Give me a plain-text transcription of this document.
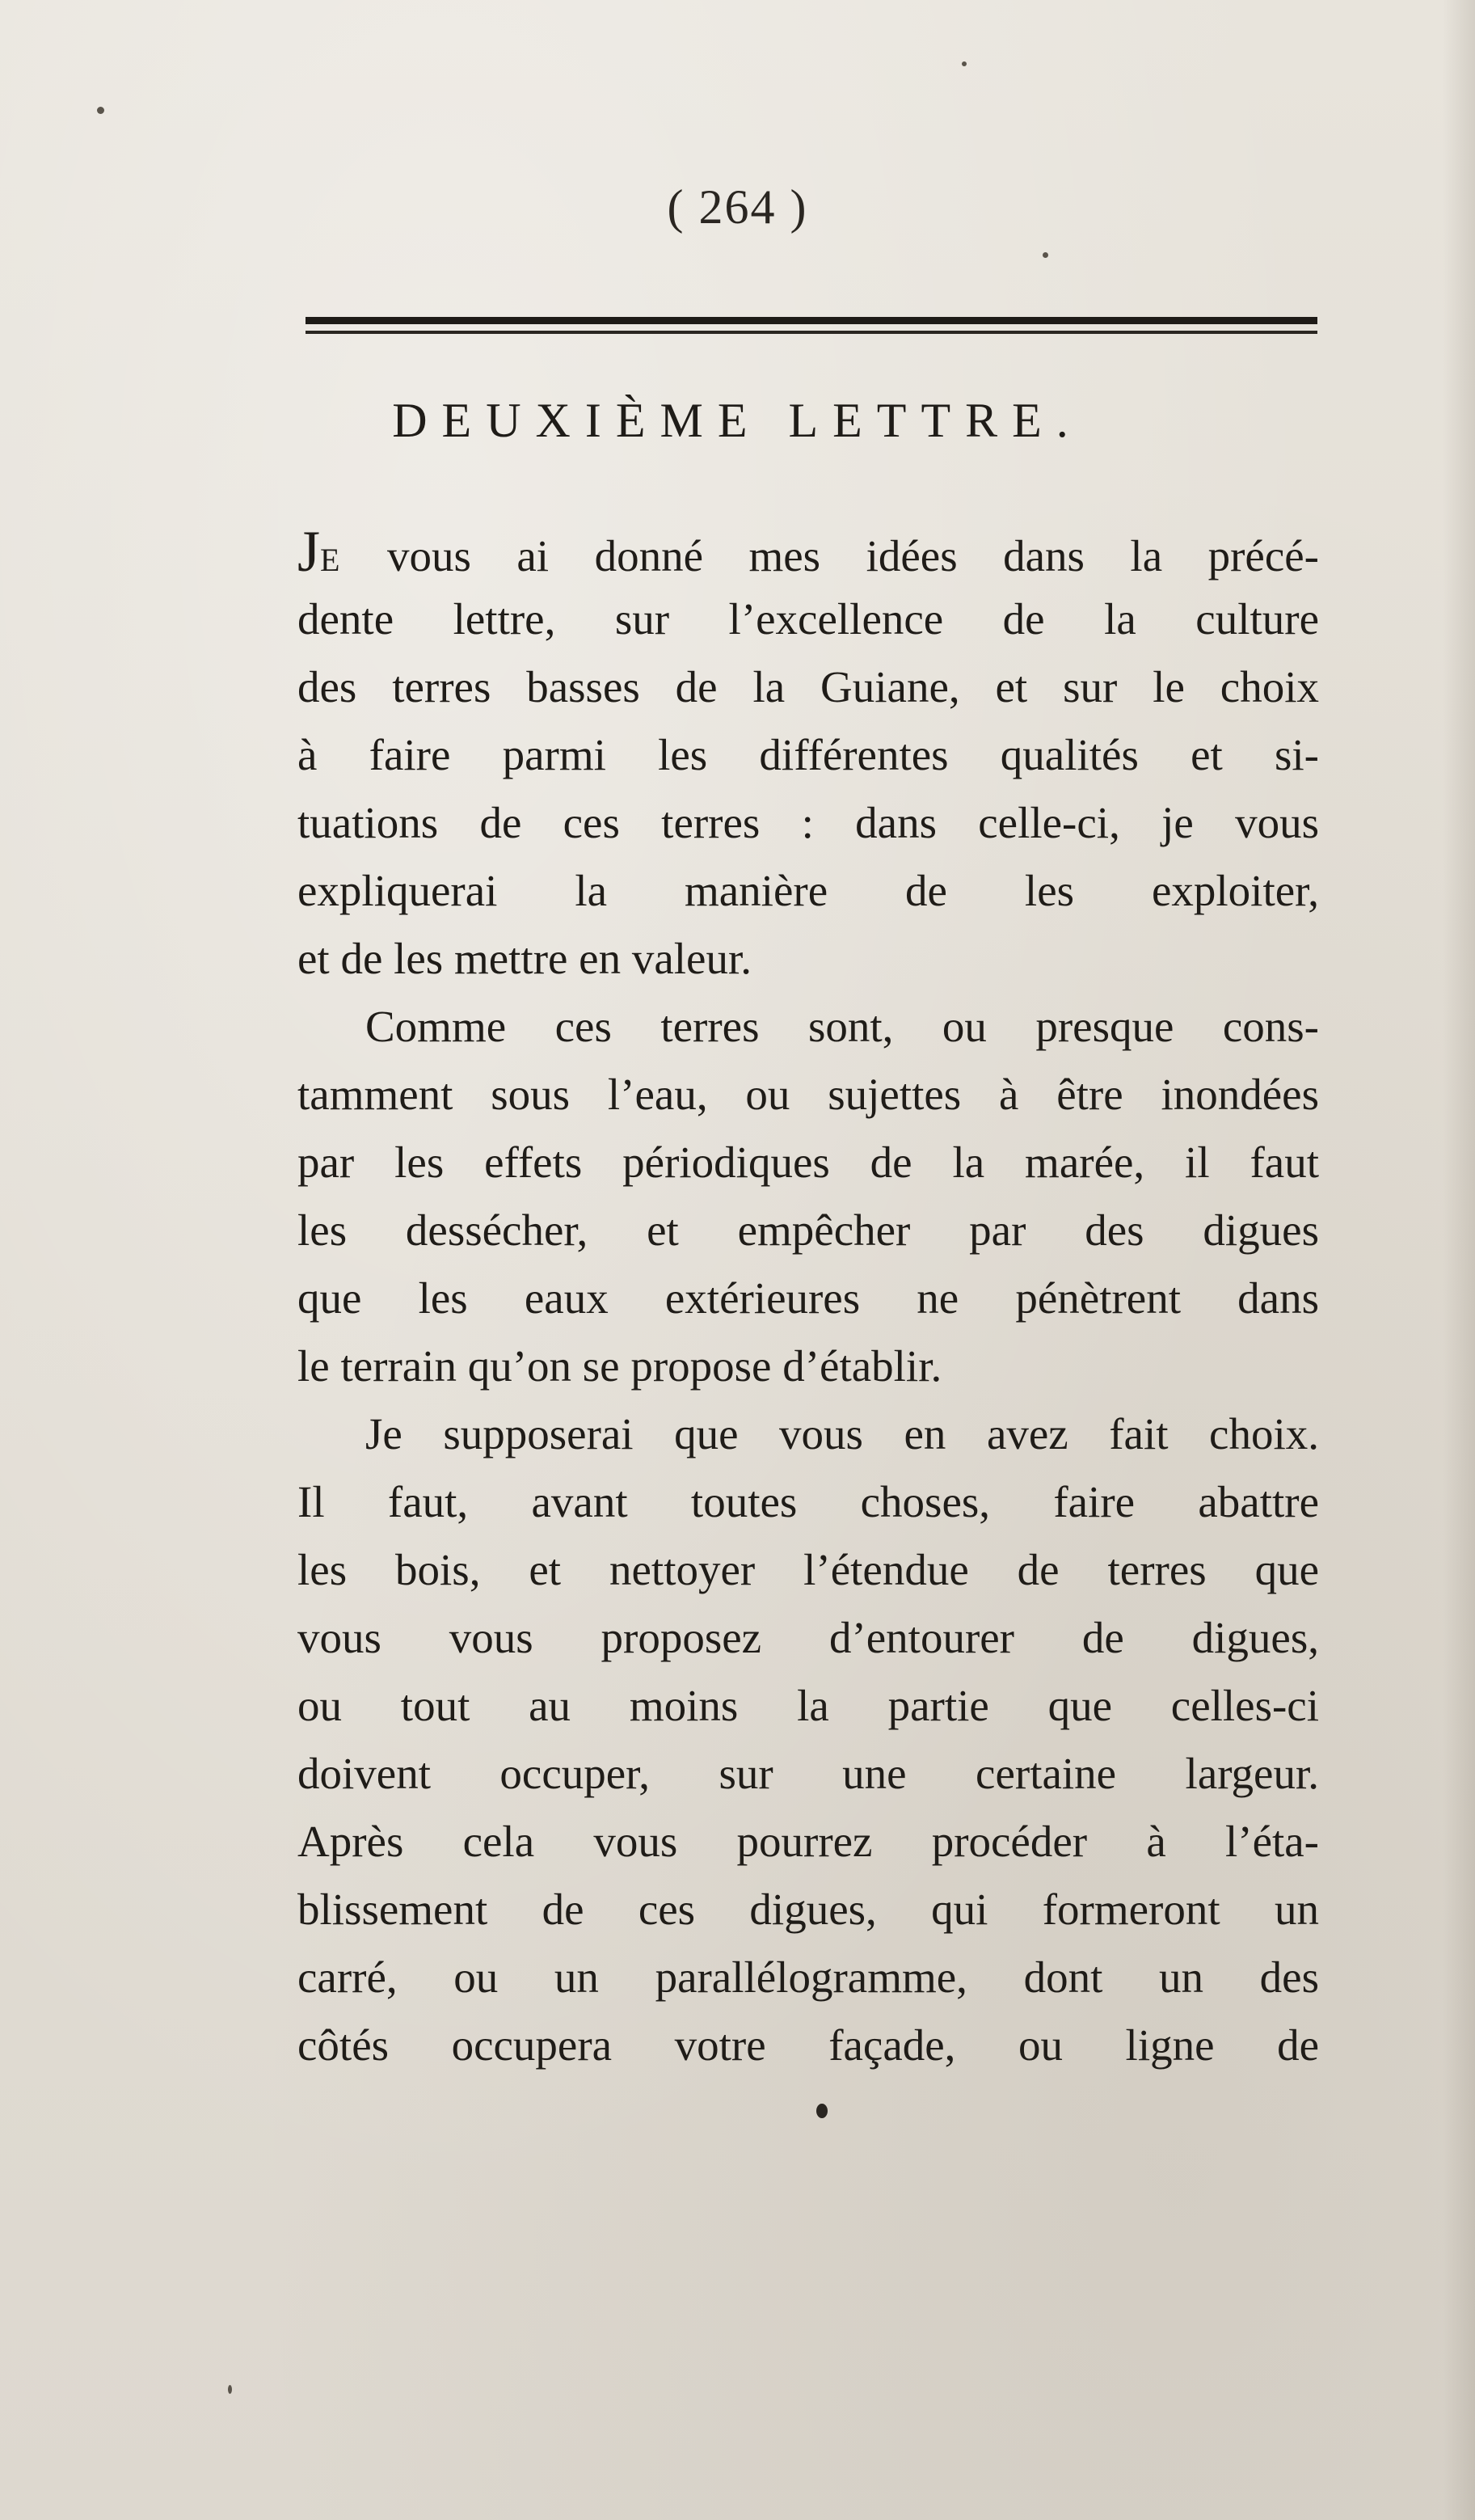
( 264 )
DEUXIÈME LETTRE.
JE vous ai donné mes idées dans la précé-
dente lettre, sur l’excellence de la culture
des terres basses de la Guiane, et sur le choix
à faire parmi les différentes qualités et si-
tuations de ces terres : dans celle-ci, je vous
expliquerai la manière de les exploiter,
et de les mettre en valeur.
Comme ces terres sont, ou presque cons-
tamment sous l’eau, ou sujettes à être inondées
par les effets périodiques de la marée, il faut
les dessécher, et empêcher par des digues
que les eaux extérieures ne pénètrent dans
le terrain qu’on se propose d’établir.
Je supposerai que vous en avez fait choix.
Il faut, avant toutes choses, faire abattre
les bois, et nettoyer l’étendue de terres que
vous vous proposez d’entourer de digues,
ou tout au moins la partie que celles-ci
doivent occuper, sur une certaine largeur.
Après cela vous pourrez procéder à l’éta-
blissement de ces digues, qui formeront un
carré, ou un parallélogramme, dont un des
côtés occupera votre façade, ou ligne de
